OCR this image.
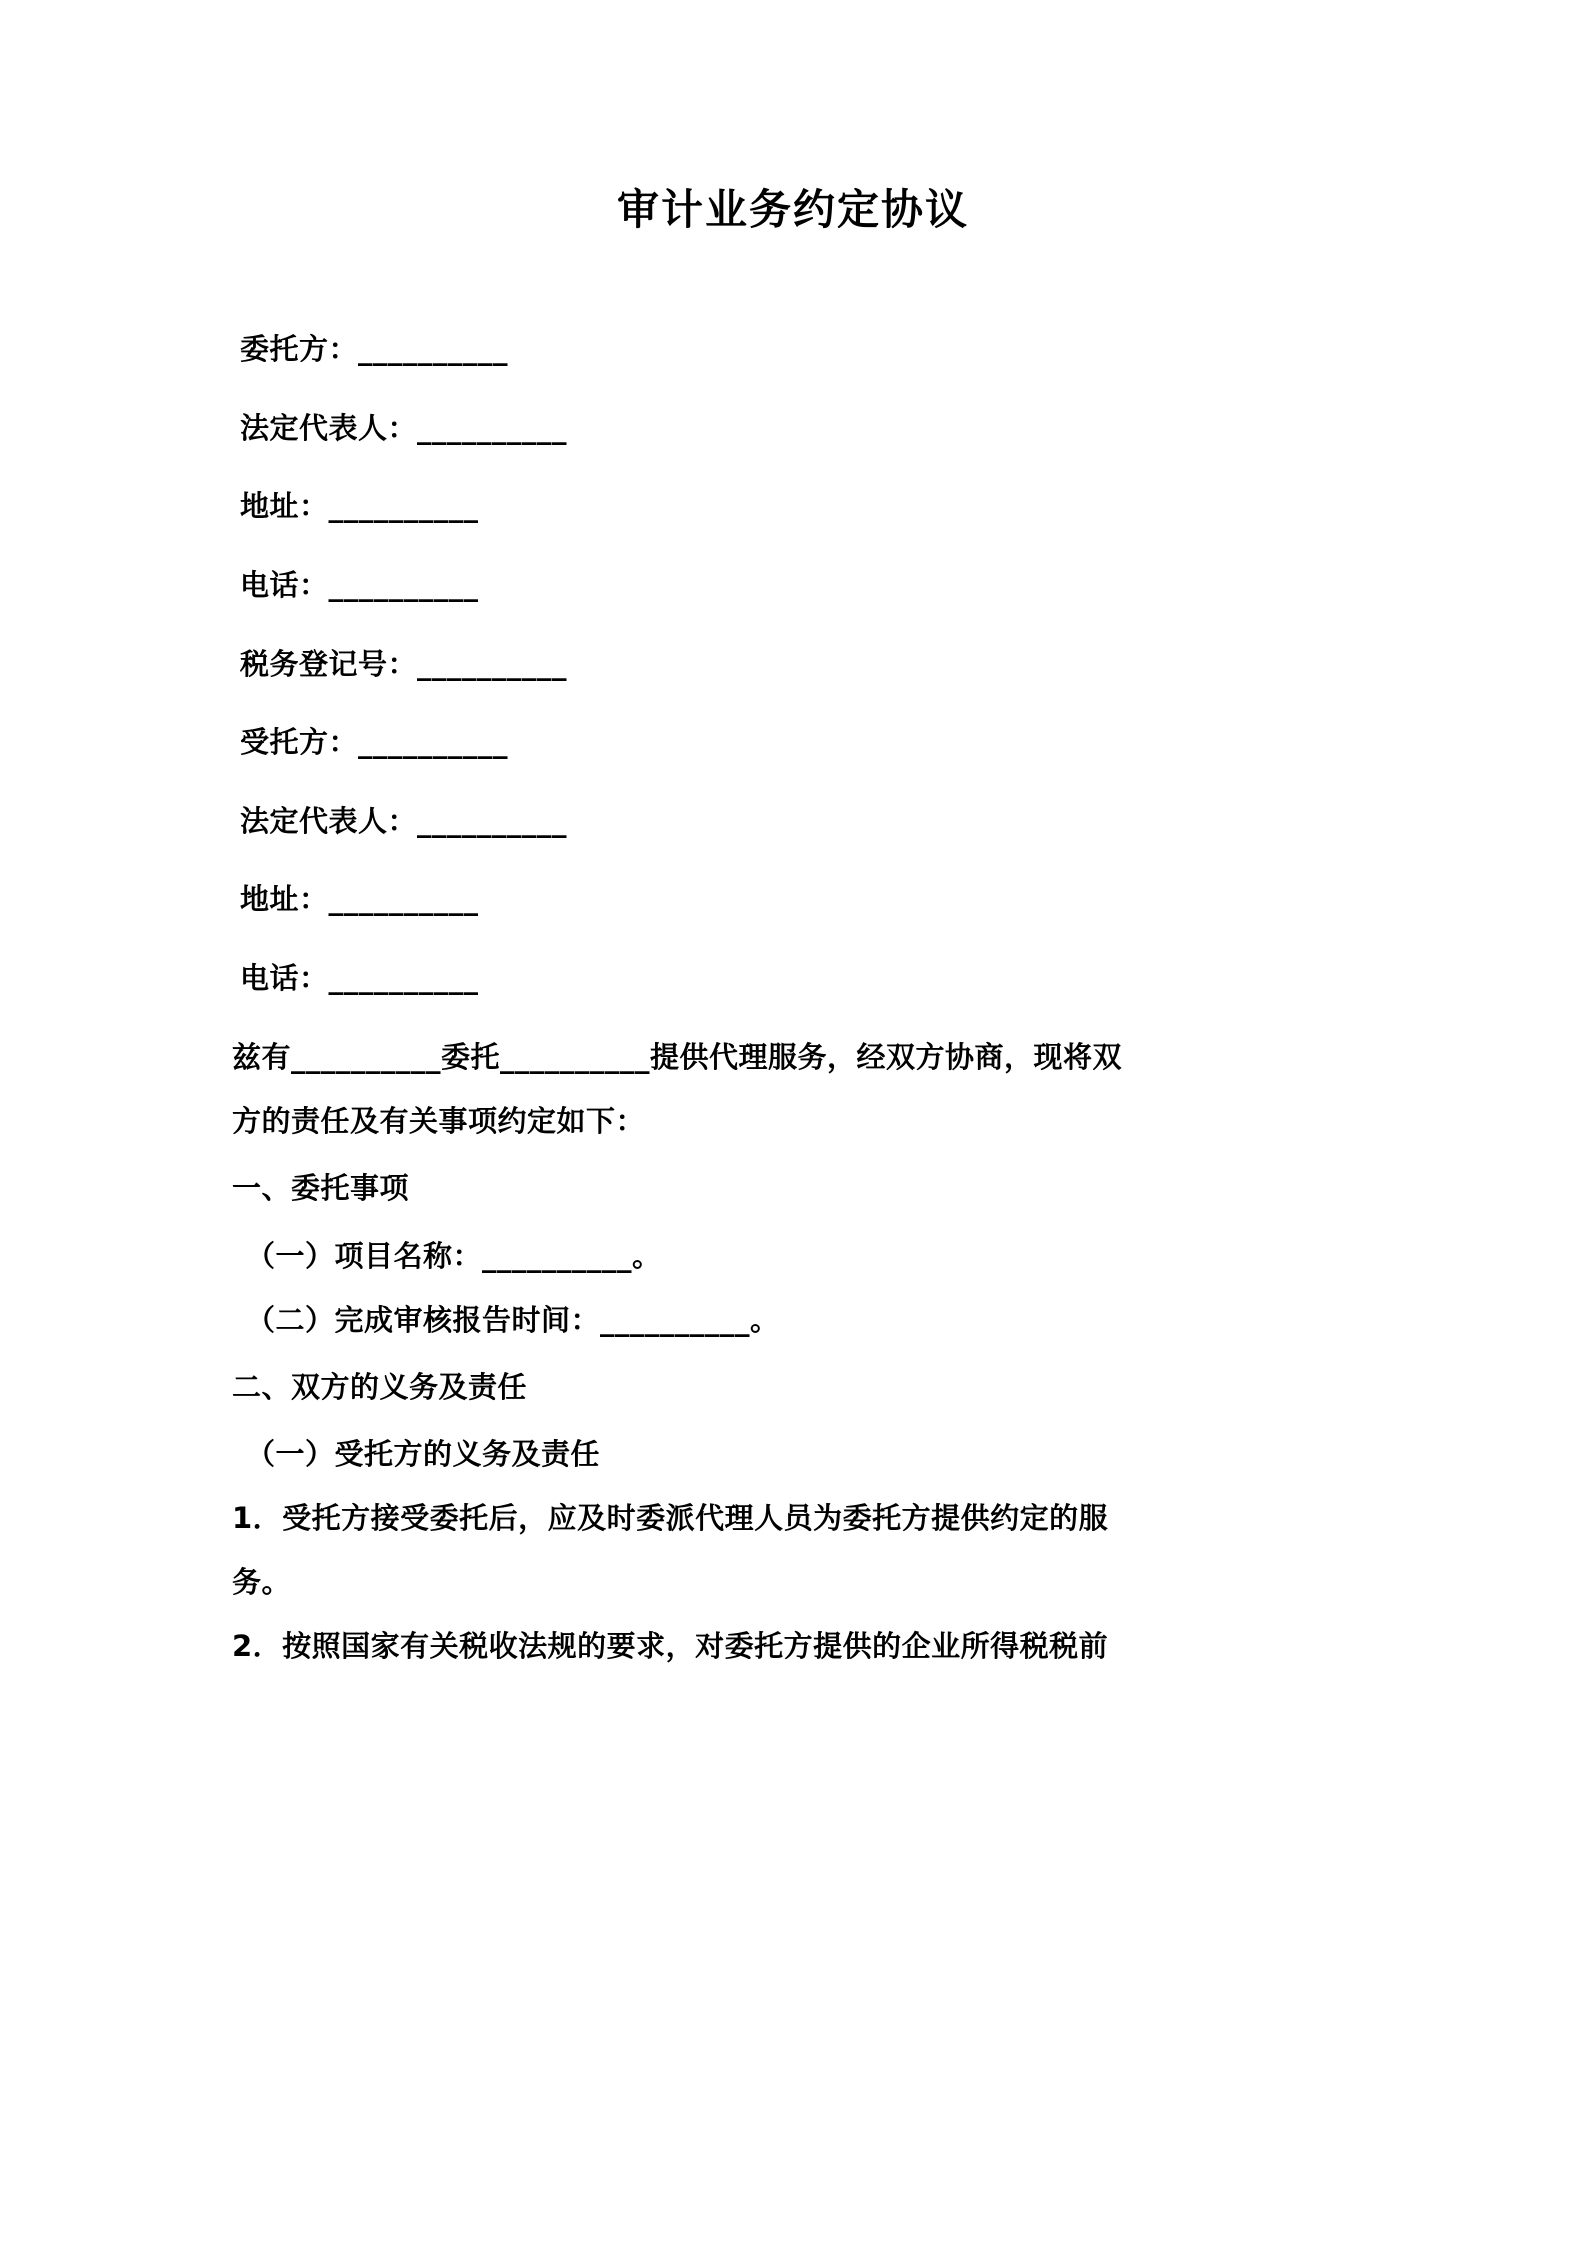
审计业务约定协议

委托方：__________

法定代表人：__________

地址：__________

电话：__________

税务登记号：__________

受托方：__________

法定代表人：__________

地址：__________

电话：__________

兹有__________委托__________提供代理服务，经双方协商，现将双

方的责任及有关事项约定如下：

一、委托事项

（一）项目名称：__________。

（二）完成审核报告时间：__________。

二、双方的义务及责任

（一）受托方的义务及责任

1．受托方接受委托后，应及时委派代理人员为委托方提供约定的服

务。

2．按照国家有关税收法规的要求，对委托方提供的企业所得税税前
